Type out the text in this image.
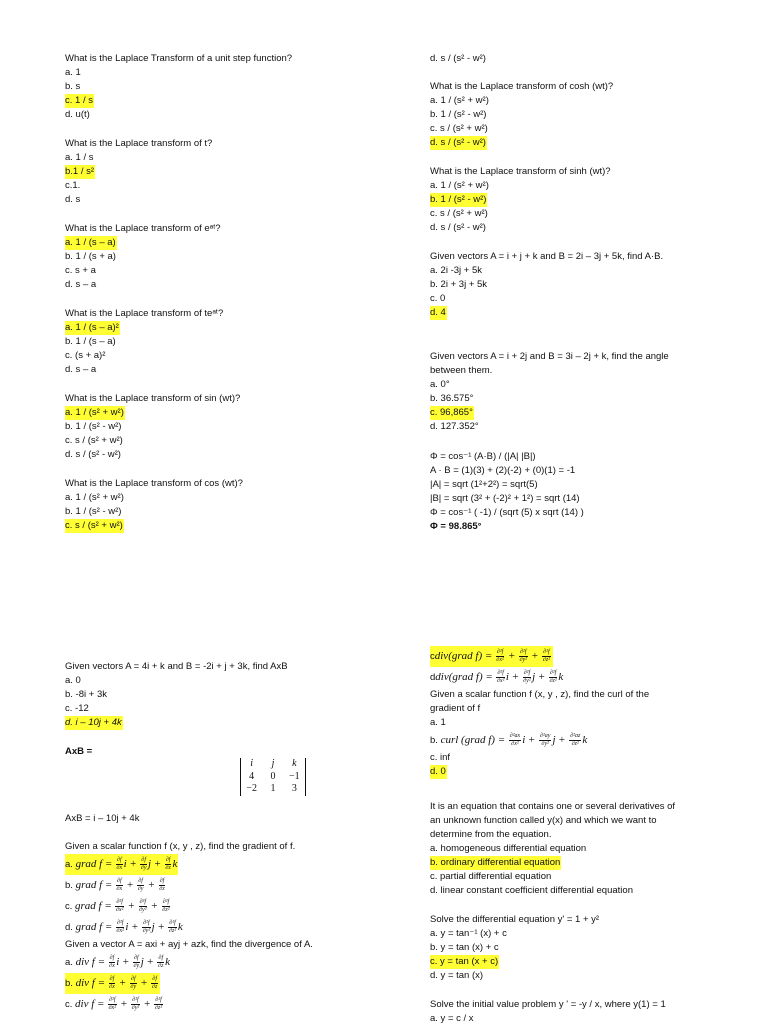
What is the Laplace Transform of a unit step function?
a. 1
b. s
c. 1 / s
d. u(t)
What is the Laplace transform of t?
a. 1 / s
b.1 / s²
c.1.
d. s
What is the Laplace transform of eᵃᵗ?
a. 1 / (s – a)
b. 1 / (s + a)
c. s + a
d. s – a
What is the Laplace transform of teᵃᵗ?
a. 1 / (s – a)²
b. 1 / (s – a)
c. (s + a)²
d. s – a
What is the Laplace transform of sin (wt)?
a. 1 / (s² + w²)
b. 1 / (s² - w²)
c. s / (s² + w²)
d. s / (s² - w²)
What is the Laplace transform of cos (wt)?
a. 1 / (s² + w²)
b. 1 / (s² - w²)
c. s / (s² + w²)
d. s / (s² - w²)
What is the Laplace transform of cosh (wt)?
a. 1 / (s² + w²)
b. 1 / (s² - w²)
c. s / (s² + w²)
d. s / (s² - w²)
What is the Laplace transform of sinh (wt)?
a. 1 / (s² + w²)
b. 1 / (s² - w²)
c. s / (s² + w²)
d. s / (s² - w²)
Given vectors A = i + j + k and B = 2i – 3j + 5k, find A·B.
a. 2i -3j + 5k
b. 2i + 3j + 5k
c. 0
d. 4
Given vectors A = i + 2j and B = 3i – 2j + k, find the angle
between them.
a. 0°
b. 36.575°
c. 96,865°
d. 127.352°
Φ = cos⁻¹ (A·B) / (|A| |B|)
A · B = (1)(3) + (2)(-2) + (0)(1) = -1
|A| = sqrt (1²+2²) = sqrt(5)
|B| = sqrt (3² + (-2)² + 1²) = sqrt (14)
Φ = cos⁻¹ ( -1) / (sqrt (5) x sqrt (14) )
Φ = 98.865°
Given vectors A = 4i + k and B = -2i + j + 3k, find AxB
a. 0
b. -8i + 3k
c. -12
d. i – 10j + 4k
AxB =
i	j	k
4	0	−1
−2	1	3
AxB = i – 10j + 4k
Given a scalar function f (x, y , z), find the gradient of f.
a. grad $f = \frac{\partial f}{\partial x}$ $i + \frac{\partial f}{\partial y}$ $j + \frac{\partial f}{\partial z}$ k
b. grad $f = \frac{\partial f}{\partial x} + \frac{\partial f}{\partial y} + \frac{\partial f}{\partial z}$
c. grad $f = \frac{\text{∂²f}}{\text{∂x²}} + \frac{\text{∂²f}}{\text{∂y²}} + \frac{\text{∂²f}}{\text{∂z²}}$
d. grad $f = \frac{\text{∂²f}}{\text{∂x²}}$ $i + \frac{\text{∂²f}}{\text{∂y²}}$ $j + \frac{\text{∂²f}}{\text{∂z²}}$ k
Given a vector A = axi + ayj + azk, find the divergence of A.
a. div $f = \frac{\partial f}{\partial x}$ $i + \frac{\partial f}{\partial y}$ $j + \frac{\partial f}{\partial z}$ k
b. div $f = \frac{\partial f}{\partial x} + \frac{\partial f}{\partial y} + \frac{\partial f}{\partial z}$
c. div $f = \frac{\text{∂²f}}{\text{∂x²}} + \frac{\text{∂²f}}{\text{∂y²}} + \frac{\text{∂²f}}{\text{∂z²}}$
cdiv(grad $f) = \frac{\text{∂²f}}{\text{∂x²}} + \frac{\text{∂²f}}{\text{∂y²}} + \frac{\text{∂²f}}{\text{∂z²}}$
ddiv(grad $f) = \frac{\text{∂²f}}{\text{∂x²}}$ $i + \frac{\text{∂²f}}{\text{∂y²}}$ $j + \frac{\text{∂²f}}{\text{∂z²}}$ k
Given a scalar function f (x, y , z), find the curl of the
gradient of f
a. 1
b. curl (grad $f) = \frac{\text{∂²ax}}{\text{∂x²}}$ $i + \frac{\text{∂²ay}}{\text{∂y²}}$ $j + \frac{\text{∂²az}}{\text{∂z²}}$ k
c. inf
d. 0
It is an equation that contains one or several derivatives of
an unknown function called y(x) and which we want to
determine from the equation.
a. homogeneous differential equation
b. ordinary differential equation
c. partial differential equation
d. linear constant coefficient differential equation
Solve the differential equation y' = 1 + y²
a. y = tan⁻¹ (x) + c
b. y = tan (x) + c
c. y = tan (x + c)
d. y = tan (x)
Solve the initial value problem y ' = -y / x, where y(1) = 1
a. y = c / x
